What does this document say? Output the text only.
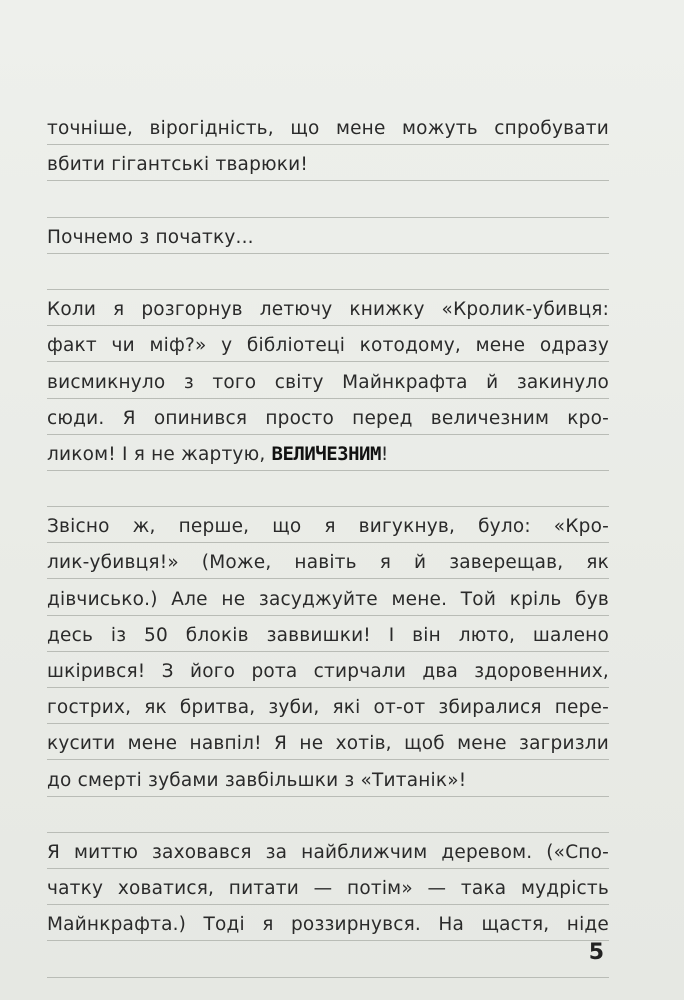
точніше, вірогідність, що мене можуть спробувати
вбити гігантські тварюки!
Почнемо з початку...
Коли я розгорнув летючу книжку «Кролик-убивця:
факт чи міф?» у бібліотеці котодому, мене одразу
висмикнуло з того світу Майнкрафта й закинуло
сюди. Я опинився просто перед величезним кро-
ликом! І я не жартую, ВЕЛИЧЕЗНИМ!
Звісно ж, перше, що я вигукнув, було: «Кро-
лик-убивця!» (Може, навіть я й заверещав, як
дівчисько.) Але не засуджуйте мене. Той кріль був
десь із 50 блоків заввишки! І він люто, шалено
шкірився! З його рота стирчали два здоровенних,
гострих, як бритва, зуби, які от-от збиралися пере-
кусити мене навпіл! Я не хотів, щоб мене загризли
до смерті зубами завбільшки з «Титанік»!
Я миттю заховався за найближчим деревом. («Спо-
чатку ховатися, питати — потім» — така мудрість
Майнкрафта.) Тоді я роззирнувся. На щастя, ніде
5
